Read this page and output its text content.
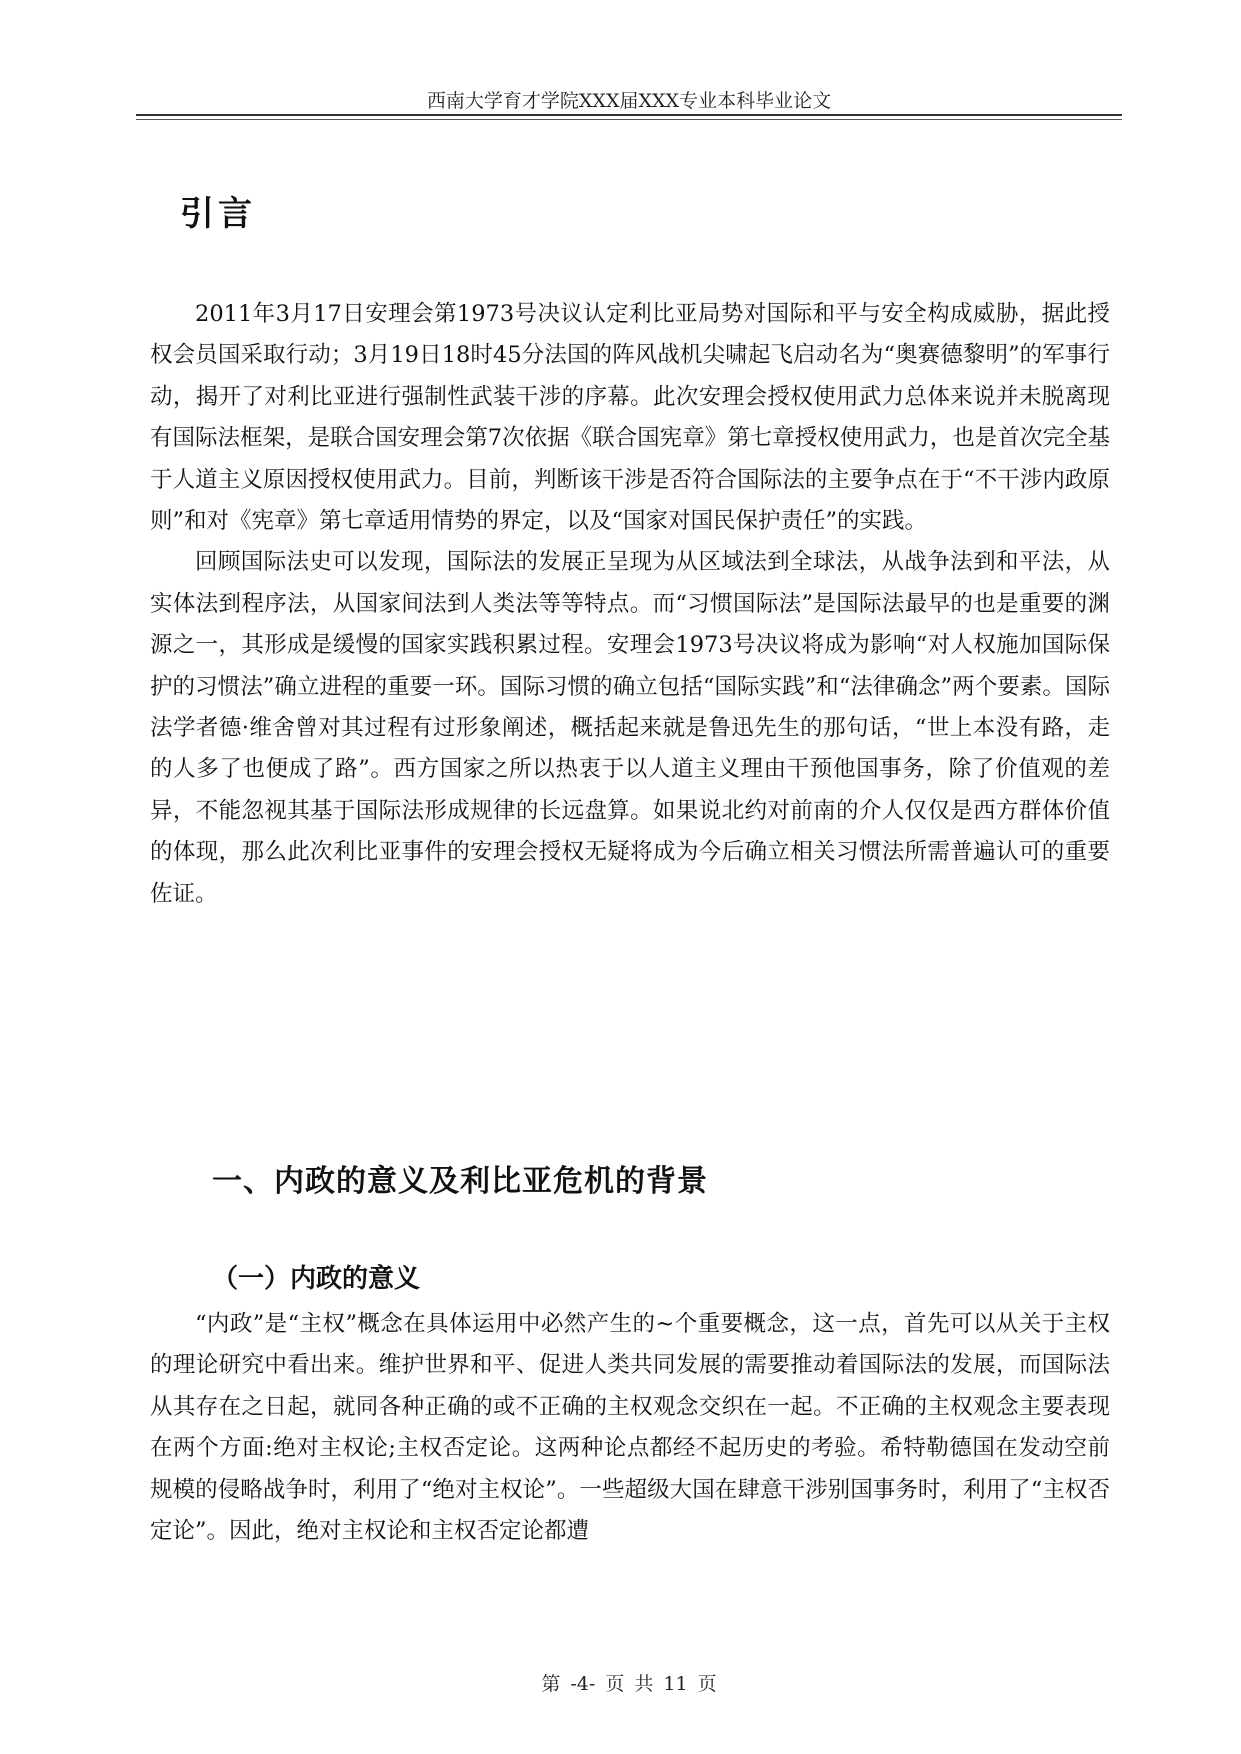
西南大学育才学院XXX届XXX专业本科毕业论文
引言

2011年3月17日安理会第1973号决议认定利比亚局势对国际和平与安全构成威胁，据此授权会员国采取行动；3月19日18时45分法国的阵风战机尖啸起飞启动名为“奥赛德黎明”的军事行动，揭开了对利比亚进行强制性武装干涉的序幕。此次安理会授权使用武力总体来说并未脱离现有国际法框架，是联合国安理会第7次依据《联合国宪章》第七章授权使用武力，也是首次完全基于人道主义原因授权使用武力。目前，判断该干涉是否符合国际法的主要争点在于“不干涉内政原则”和对《宪章》第七章适用情势的界定，以及“国家对国民保护责任”的实践。

回顾国际法史可以发现，国际法的发展正呈现为从区域法到全球法，从战争法到和平法，从实体法到程序法，从国家间法到人类法等等特点。而“习惯国际法”是国际法最早的也是重要的渊源之一，其形成是缓慢的国家实践积累过程。安理会1973号决议将成为影响“对人权施加国际保护的习惯法”确立进程的重要一环。国际习惯的确立包括“国际实践”和“法律确念”两个要素。国际法学者德·维舍曾对其过程有过形象阐述，概括起来就是鲁迅先生的那句话，“世上本没有路，走的人多了也便成了路”。西方国家之所以热衷于以人道主义理由干预他国事务，除了价值观的差异，不能忽视其基于国际法形成规律的长远盘算。如果说北约对前南的介人仅仅是西方群体价值的体现，那么此次利比亚事件的安理会授权无疑将成为今后确立相关习惯法所需普遍认可的重要佐证。

一、内政的意义及利比亚危机的背景
（一）内政的意义

“内政”是“主权”概念在具体运用中必然产生的~个重要概念，这一点，首先可以从关于主权的理论研究中看出来。维护世界和平、促进人类共同发展的需要推动着国际法的发展，而国际法从其存在之日起，就同各种正确的或不正确的主权观念交织在一起。不正确的主权观念主要表现在两个方面:绝对主权论;主权否定论。这两种论点都经不起历史的考验。希特勒德国在发动空前规模的侵略战争时，利用了“绝对主权论”。一些超级大国在肆意干涉别国事务时，利用了“主权否定论”。因此，绝对主权论和主权否定论都遭

第 -4- 页 共 11 页
